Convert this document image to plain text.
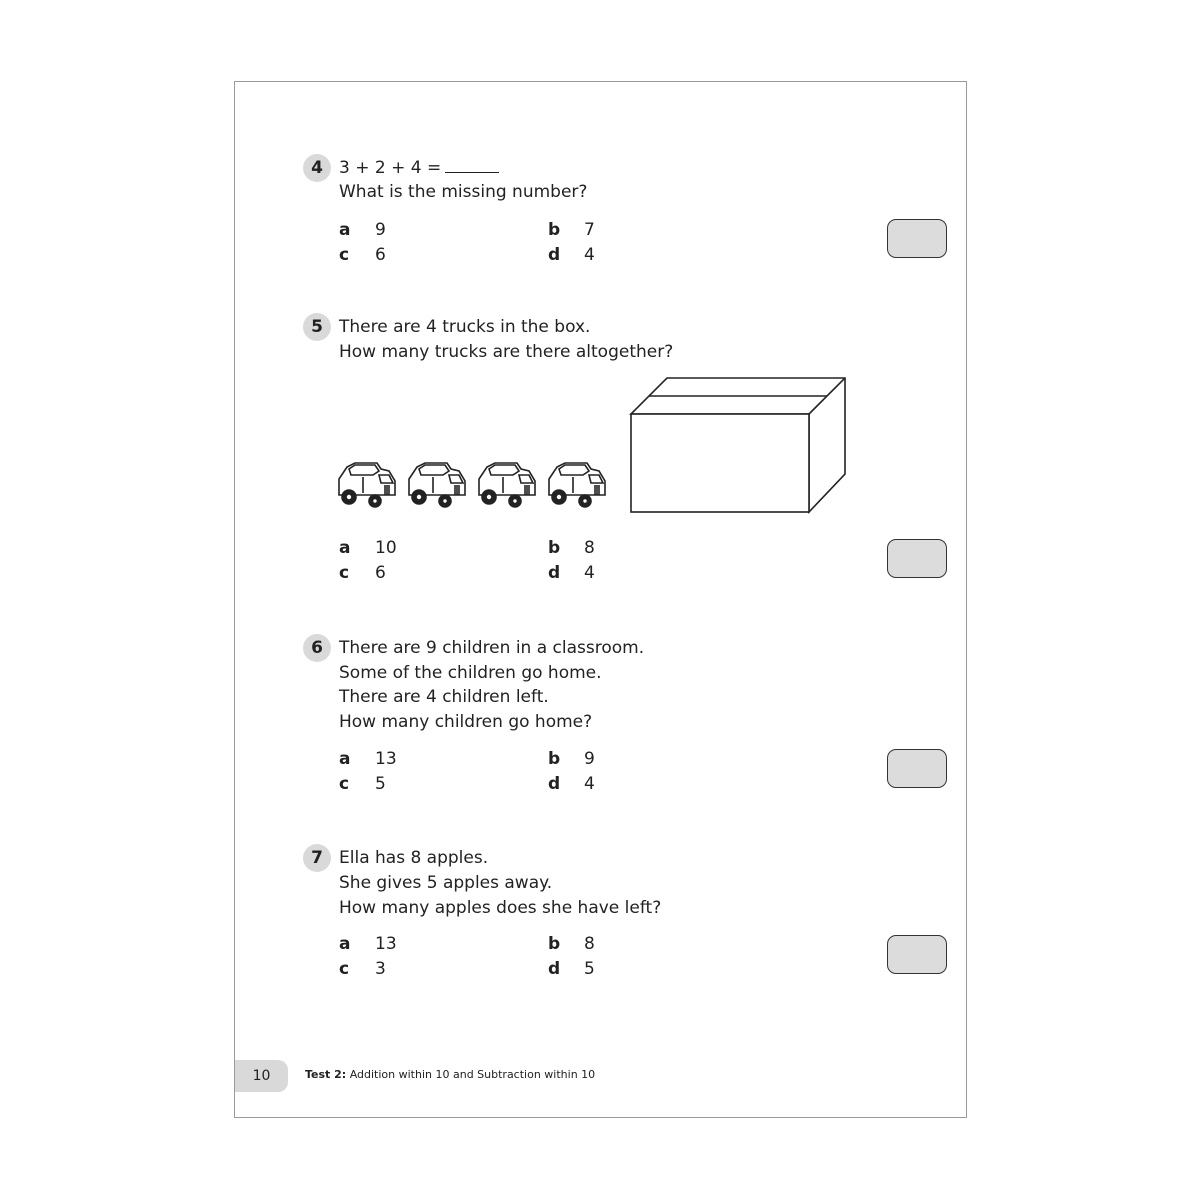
4 3 + 2 + 4 =
What is the missing number?
a 9	b 7
c 6	d 4
5 There are 4 trucks in the box.
How many trucks are there altogether?
a 10	b 8
c 6	d 4
6 There are 9 children in a classroom.
Some of the children go home.
There are 4 children left.
How many children go home?
a 13	b 9
c 5	d 4
7 Ella has 8 apples.
She gives 5 apples away.
How many apples does she have left?
a 13	b 8
c 3	d 5
10	Test 2: Addition within 10 and Subtraction within 10
